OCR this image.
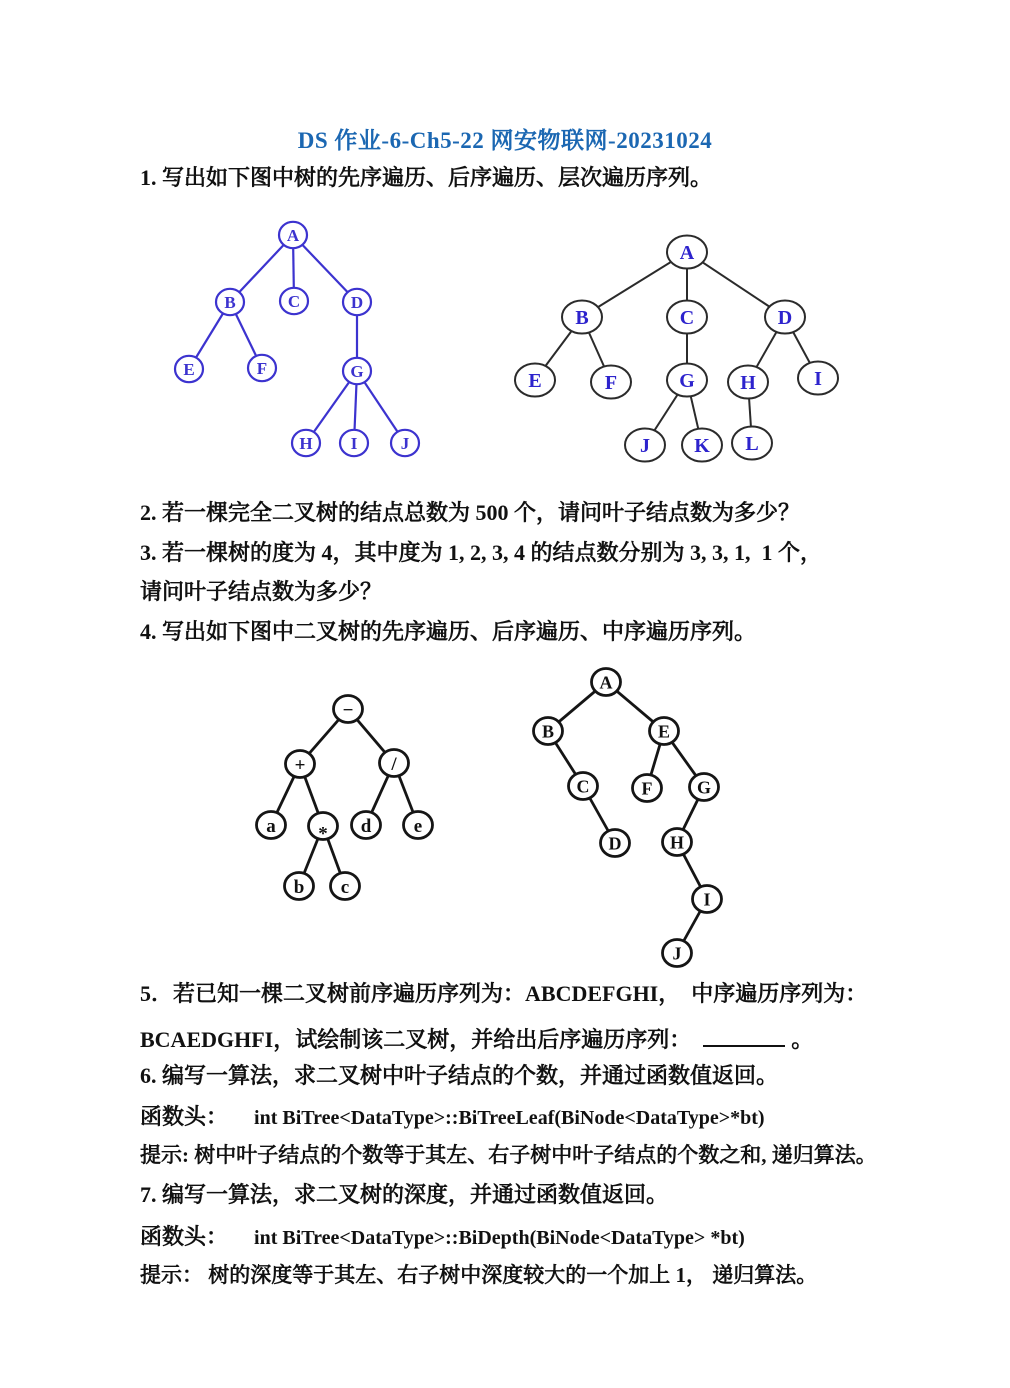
DS 作业-6-Ch5-22 网安物联网-20231024
1. 写出如下图中树的先序遍历、后序遍历、层次遍历序列。
A
B	C	D
E	F	G
H I	J
A
B	C	D
E	F	G H	I
J K L
−
+	/
a * d e
b c
A
B	E
C	F G
D	H
I
J
2. 若一棵完全二叉树的结点总数为 500 个，请问叶子结点数为多少？
3. 若一棵树的度为 4，其中度为 1, 2, 3, 4 的结点数分别为 3, 3, 1,  1 个，
请问叶子结点数为多少？
4. 写出如下图中二叉树的先序遍历、后序遍历、中序遍历序列。
5．若已知一棵二叉树前序遍历序列为：ABCDEFGHI，  中序遍历序列为：
BCAEDGHFI，试绘制该二叉树，并给出后序遍历序列：	。
6. 编写一算法，求二叉树中叶子结点的个数，并通过函数值返回。
函数头： int BiTree<DataType>::BiTreeLeaf(BiNode<DataType>*bt)
提示: 树中叶子结点的个数等于其左、右子树中叶子结点的个数之和, 递归算法。
7. 编写一算法，求二叉树的深度，并通过函数值返回。
函数头： int BiTree<DataType>::BiDepth(BiNode<DataType> *bt)
提示： 树的深度等于其左、右子树中深度较大的一个加上 1， 递归算法。
